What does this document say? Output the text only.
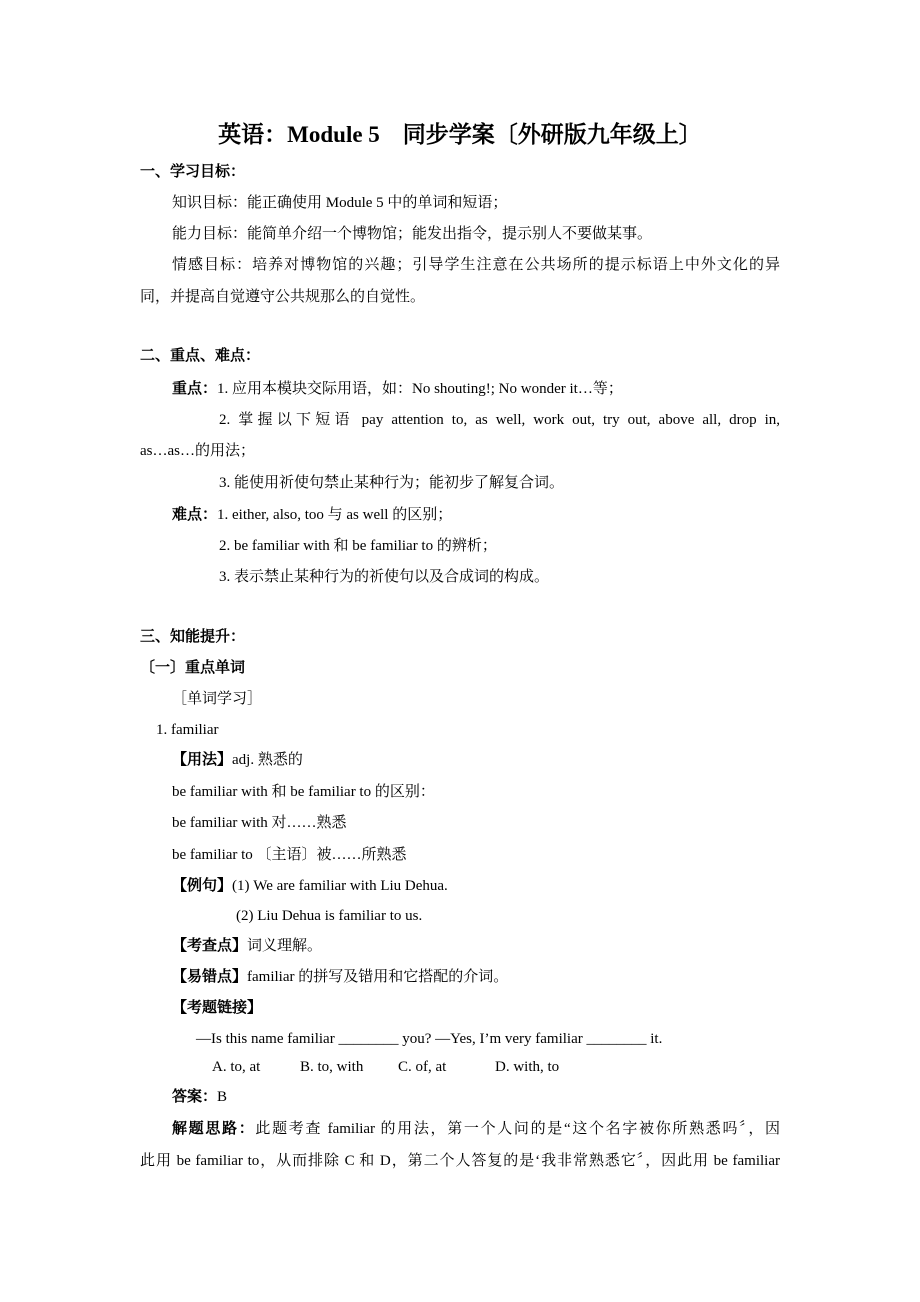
英语：Module 5　同步学案〔外研版九年级上〕
一、学习目标：
知识目标：能正确使用 Module 5 中的单词和短语；
能力目标：能简单介绍一个博物馆；能发出指令，提示别人不要做某事。
情感目标：培养对博物馆的兴趣；引导学生注意在公共场所的提示标语上中外文化的异
同，并提高自觉遵守公共规那么的自觉性。
二、重点、难点：
重点：1. 应用本模块交际用语，如：No shouting!; No wonder it…等；
2. 掌握以下短语 pay attention to, as well, work out, try out, above all, drop in,
as…as…的用法；
3. 能使用祈使句禁止某种行为；能初步了解复合词。
难点：1. either, also, too 与 as well 的区别；
2. be familiar with 和 be familiar to 的辨析；
3. 表示禁止某种行为的祈使句以及合成词的构成。
三、知能提升：
〔一〕重点单词
［单词学习］
1. familiar
【用法】adj. 熟悉的
be familiar with 和 be familiar to 的区别：
be familiar with 对……熟悉
be familiar to 〔主语〕被……所熟悉
【例句】(1) We are familiar with Liu Dehua.
(2) Liu Dehua is familiar to us.
【考查点】词义理解。
【易错点】familiar 的拼写及错用和它搭配的介词。
【考题链接】
—Is this name familiar ________ you? —Yes, I’m very familiar ________ it.
A. to, at	B. to, with C. of, at	D. with, to
答案：B
解题思路：此题考查 familiar 的用法，第一个人问的是“这个名字被你所熟悉吗〞，因
此用 be familiar to，从而排除 C 和 D，第二个人答复的是‘我非常熟悉它〞，因此用 be familiar
